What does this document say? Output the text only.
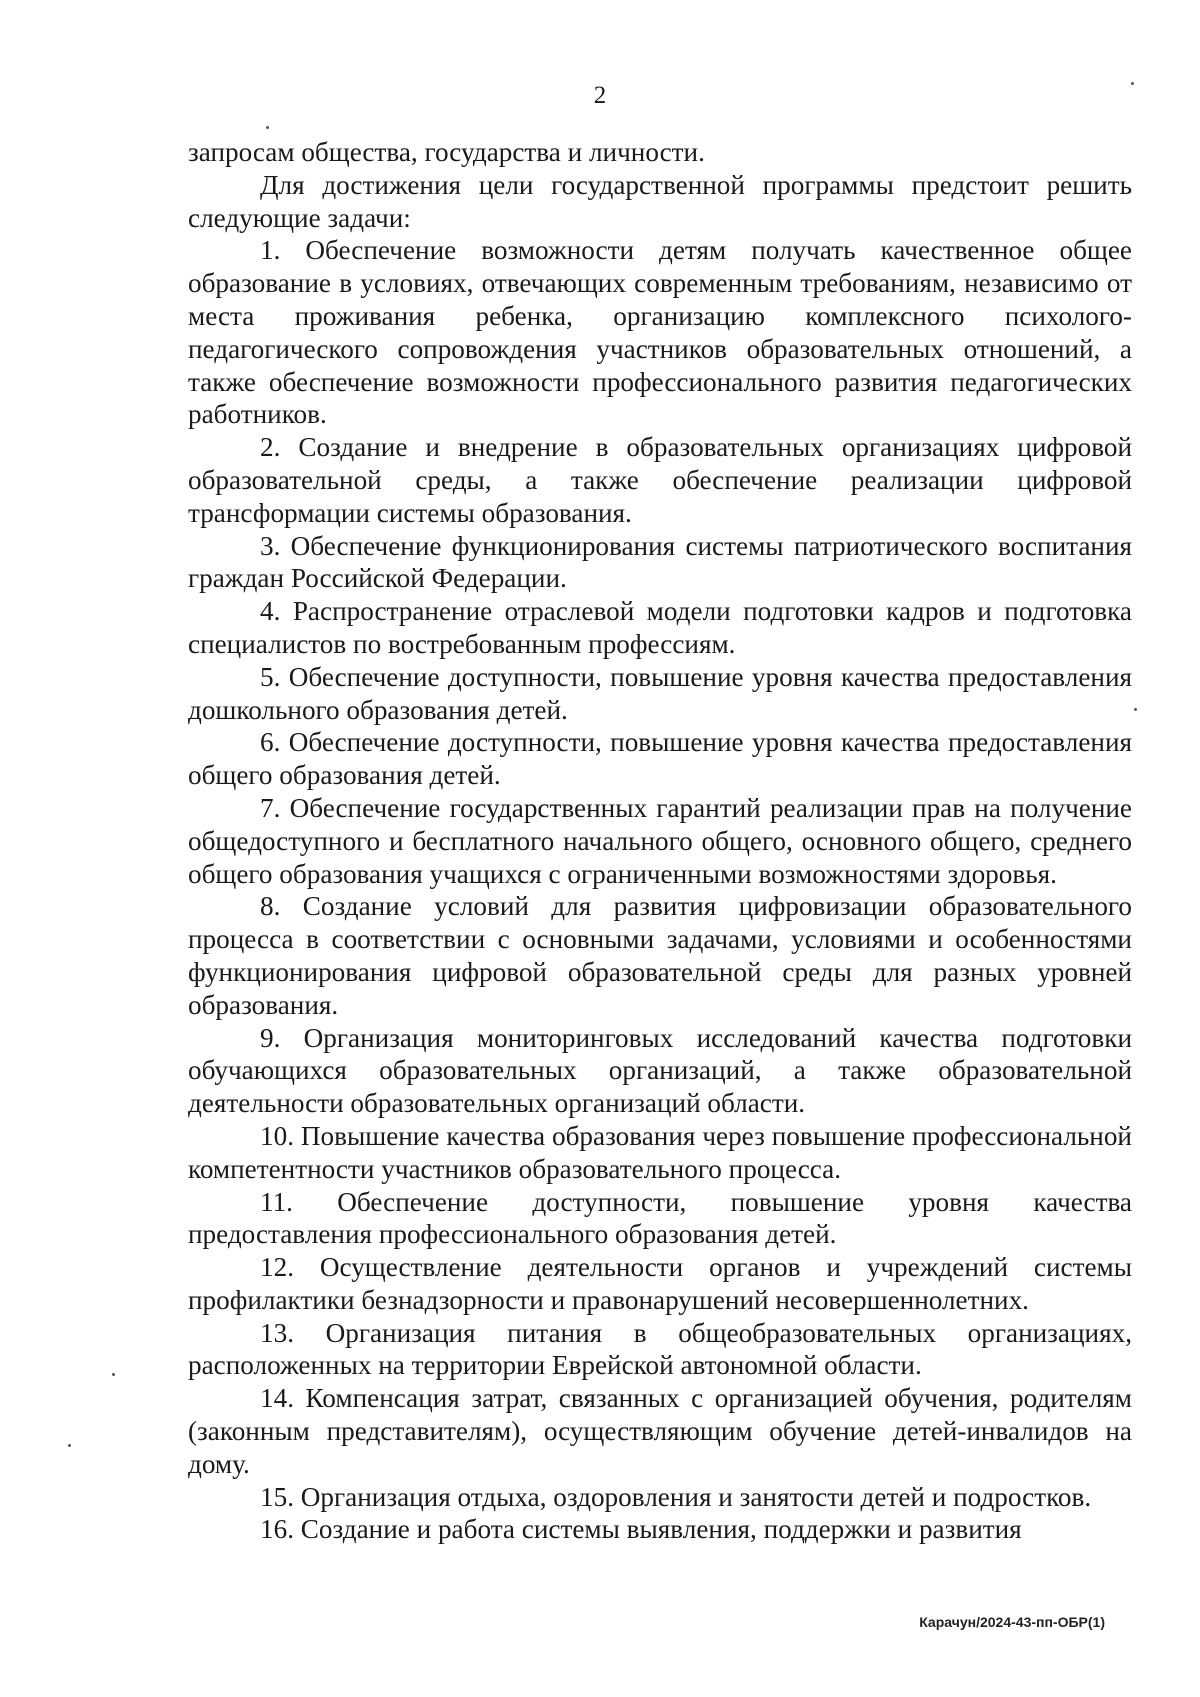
2

запросам общества, государства и личности.

Для достижения цели государственной программы предстоит решить следующие задачи:

1. Обеспечение возможности детям получать качественное общее образование в условиях, отвечающих современным требованиям, независимо от места проживания ребенка, организацию комплексного психолого-педагогического сопровождения участников образовательных отношений, а также обеспечение возможности профессионального развития педагогических работников.

2. Создание и внедрение в образовательных организациях цифровой образовательной среды, а также обеспечение реализации цифровой трансформации системы образования.

3. Обеспечение функционирования системы патриотического воспитания граждан Российской Федерации.

4. Распространение отраслевой модели подготовки кадров и подготовка специалистов по востребованным профессиям.

5. Обеспечение доступности, повышение уровня качества предоставления дошкольного образования детей.

6. Обеспечение доступности, повышение уровня качества предоставления общего образования детей.

7. Обеспечение государственных гарантий реализации прав на получение общедоступного и бесплатного начального общего, основного общего, среднего общего образования учащихся с ограниченными возможностями здоровья.

8. Создание условий для развития цифровизации образовательного процесса в соответствии с основными задачами, условиями и особенностями функционирования цифровой образовательной среды для разных уровней образования.

9. Организация мониторинговых исследований качества подготовки обучающихся образовательных организаций, а также образовательной деятельности образовательных организаций области.

10. Повышение качества образования через повышение профессиональной компетентности участников образовательного процесса.

11. Обеспечение доступности, повышение уровня качества предоставления профессионального образования детей.

12. Осуществление деятельности органов и учреждений системы профилактики безнадзорности и правонарушений несовершеннолетних.

13. Организация питания в общеобразовательных организациях, расположенных на территории Еврейской автономной области.

14. Компенсация затрат, связанных с организацией обучения, родителям (законным представителям), осуществляющим обучение детей-инвалидов на дому.

15. Организация отдыха, оздоровления и занятости детей и подростков.

16. Создание и работа системы выявления, поддержки и развития

Карачун/2024-43-пп-ОБР(1)
